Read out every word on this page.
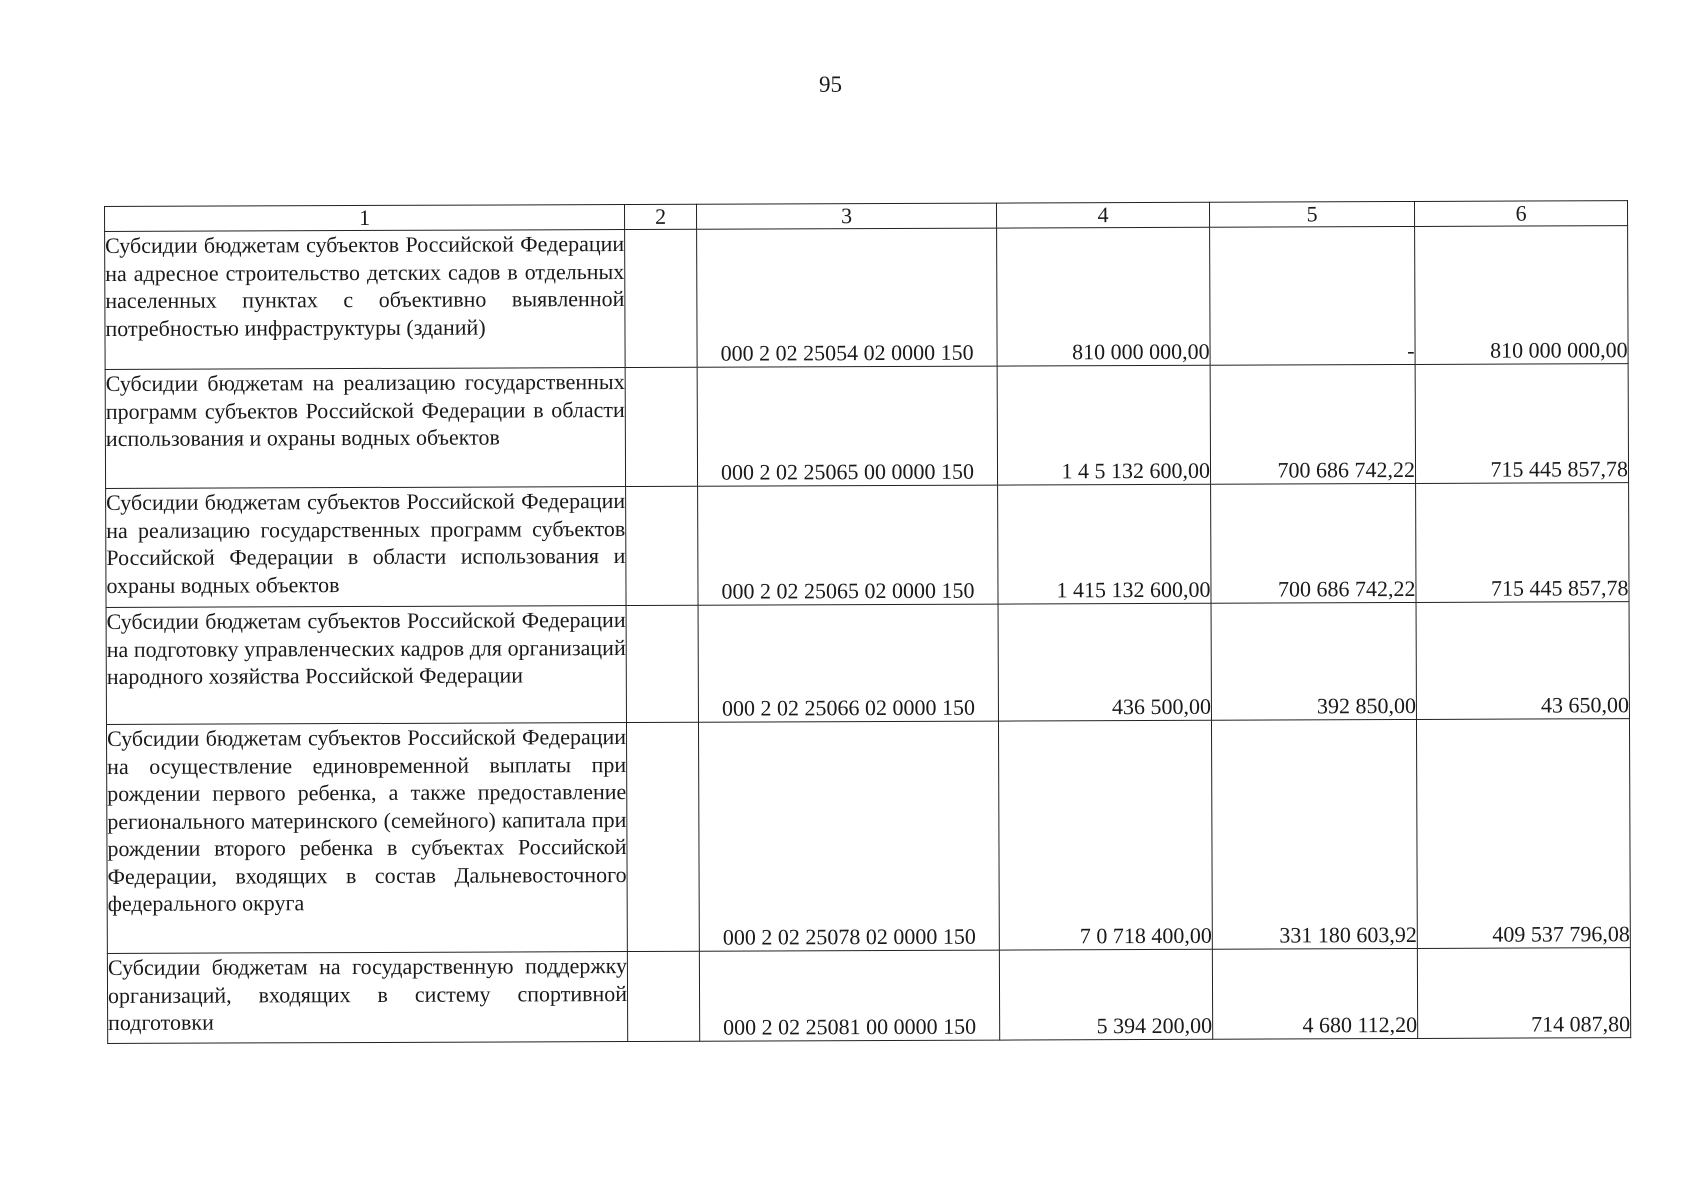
95
1	2	3	4	5	6
Субсидии бюджетам субъектов Российской Федерации на адресное строительство детских садов в отдельных населенных пунктах с объективно выявленной потребностью инфраструктуры (зданий)		000 2 02 25054 02 0000 150	810 000 000,00	-	810 000 000,00
Субсидии бюджетам на реализацию государственных программ субъектов Российской Федерации в области использования и охраны водных объектов		000 2 02 25065 00 0000 150	1 4 5 132 600,00	700 686 742,22	715 445 857,78
Субсидии бюджетам субъектов Российской Федерации на реализацию государственных программ субъектов Российской Федерации в области использования и охраны водных объектов		000 2 02 25065 02 0000 150	1 415 132 600,00	700 686 742,22	715 445 857,78
Субсидии бюджетам субъектов Российской Федерации на подготовку управленческих кадров для организаций народного хозяйства Российской Федерации		000 2 02 25066 02 0000 150	436 500,00	392 850,00	43 650,00
Субсидии бюджетам субъектов Российской Федерации на осуществление единовременной выплаты при рождении первого ребенка, а также предоставление регионального материнского (семейного) капитала при рождении второго ребенка в субъектах Российской Федерации, входящих в состав Дальневосточного федерального округа		000 2 02 25078 02 0000 150	7 0 718 400,00	331 180 603,92	409 537 796,08
Субсидии бюджетам на государственную поддержку организаций, входящих в систему спортивной подготовки		000 2 02 25081 00 0000 150	5 394 200,00	4 680 112,20	714 087,80
